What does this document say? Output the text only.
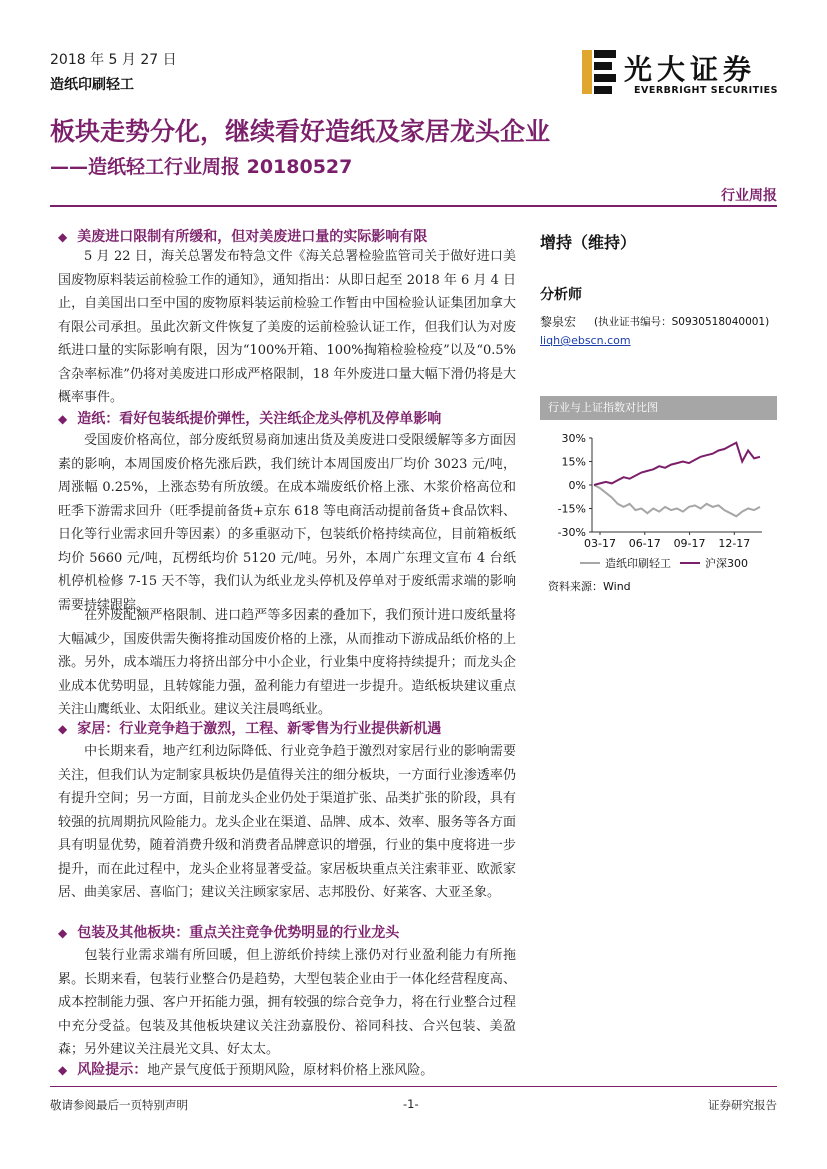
2018 年 5 月 27 日
造纸印刷轻工	光大证券
EVERBRIGHT SECURITIES
板块走势分化，继续看好造纸及家居龙头企业
——造纸轻工行业周报 20180527
行业周报
◆ 美废进口限制有所缓和，但对美废进口量的实际影响有限
5 月 22 日，海关总署发布特急文件《海关总署检验监管司关于做好进口美国废物原料装运前检验工作的通知》，通知指出：从即日起至 2018 年 6 月 4 日止，自美国出口至中国的废物原料装运前检验工作暂由中国检验认证集团加拿大有限公司承担。虽此次新文件恢复了美废的运前检验认证工作，但我们认为对废纸进口量的实际影响有限，因为“100%开箱、100%掏箱检验检疫”以及“0.5%含杂率标准”仍将对美废进口形成严格限制，18 年外废进口量大幅下滑仍将是大概率事件。
◆ 造纸：看好包装纸提价弹性，关注纸企龙头停机及停单影响
受国废价格高位，部分废纸贸易商加速出货及美废进口受限缓解等多方面因素的影响，本周国废价格先涨后跌，我们统计本周国废出厂均价 3023 元/吨，周涨幅 0.25%，上涨态势有所放缓。在成本端废纸价格上涨、木浆价格高位和旺季下游需求回升（旺季提前备货+京东 618 等电商活动提前备货+食品饮料、日化等行业需求回升等因素）的多重驱动下，包装纸价格持续高位，目前箱板纸均价 5660 元/吨，瓦楞纸均价 5120 元/吨。另外，本周广东理文宣布 4 台纸机停机检修 7-15 天不等，我们认为纸业龙头停机及停单对于废纸需求端的影响需要持续跟踪。
在外废配额严格限制、进口趋严等多因素的叠加下，我们预计进口废纸量将大幅减少，国废供需失衡将推动国废价格的上涨，从而推动下游成品纸价格的上涨。另外，成本端压力将挤出部分中小企业，行业集中度将持续提升；而龙头企业成本优势明显，且转嫁能力强，盈利能力有望进一步提升。造纸板块建议重点关注山鹰纸业、太阳纸业。建议关注晨鸣纸业。
◆ 家居：行业竞争趋于激烈，工程、新零售为行业提供新机遇
中长期来看，地产红利边际降低、行业竞争趋于激烈对家居行业的影响需要关注，但我们认为定制家具板块仍是值得关注的细分板块，一方面行业渗透率仍有提升空间；另一方面，目前龙头企业仍处于渠道扩张、品类扩张的阶段，具有较强的抗周期抗风险能力。龙头企业在渠道、品牌、成本、效率、服务等各方面具有明显优势，随着消费升级和消费者品牌意识的增强，行业的集中度将进一步提升，而在此过程中，龙头企业将显著受益。家居板块重点关注索菲亚、欧派家居、曲美家居、喜临门；建议关注顾家家居、志邦股份、好莱客、大亚圣象。
◆ 包装及其他板块：重点关注竞争优势明显的行业龙头
包装行业需求端有所回暖，但上游纸价持续上涨仍对行业盈利能力有所拖累。长期来看，包装行业整合仍是趋势，大型包装企业由于一体化经营程度高、成本控制能力强、客户开拓能力强，拥有较强的综合竞争力，将在行业整合过程中充分受益。包装及其他板块建议关注劲嘉股份、裕同科技、合兴包装、美盈森；另外建议关注晨光文具、好太太。
◆ 风险提示：地产景气度低于预期风险，原材料价格上涨风险。
增持（维持）
分析师
黎泉宏 (执业证书编号：S0930518040001)
liqh@ebscn.com
行业与上证指数对比图
30%
15%
0%
-15%
-30%
03-17 06-17 09-17 12-17
造纸印刷轻工	沪深300
资料来源：Wind
敬请参阅最后一页特别声明	-1-	证券研究报告
